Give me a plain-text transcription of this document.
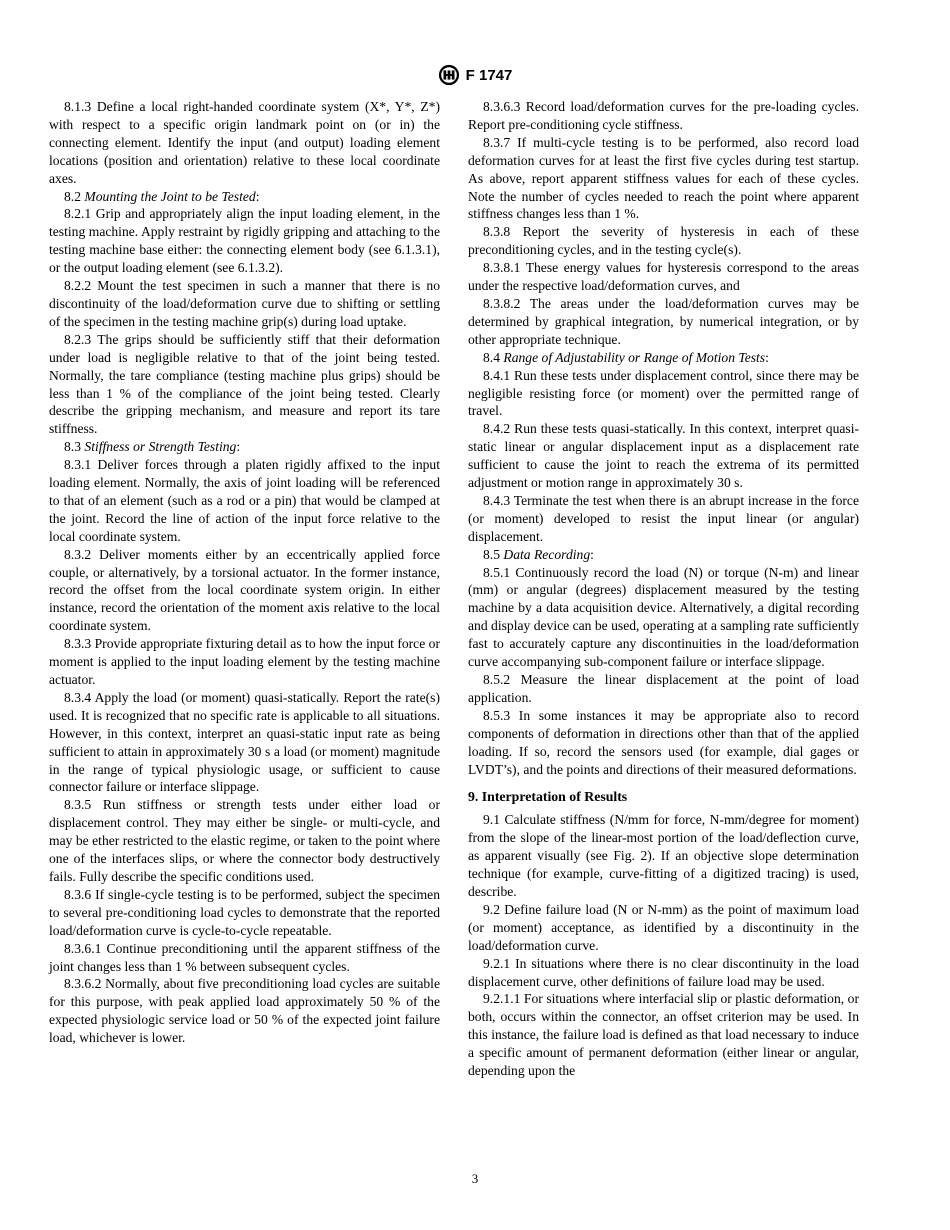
F 1747

8.1.3 Define a local right-handed coordinate system (X*, Y*, Z*) with respect to a specific origin landmark point on (or in) the connecting element. Identify the input (and output) loading element locations (position and orientation) relative to these local coordinate axes.

8.2 Mounting the Joint to be Tested:

8.2.1 Grip and appropriately align the input loading element, in the testing machine. Apply restraint by rigidly gripping and attaching to the testing machine base either: the connecting element body (see 6.1.3.1), or the output loading element (see 6.1.3.2).

8.2.2 Mount the test specimen in such a manner that there is no discontinuity of the load/deformation curve due to shifting or settling of the specimen in the testing machine grip(s) during load uptake.

8.2.3 The grips should be sufficiently stiff that their deformation under load is negligible relative to that of the joint being tested. Normally, the tare compliance (testing machine plus grips) should be less than 1 % of the compliance of the joint being tested. Clearly describe the gripping mechanism, and measure and report its tare stiffness.

8.3 Stiffness or Strength Testing:

8.3.1 Deliver forces through a platen rigidly affixed to the input loading element. Normally, the axis of joint loading will be referenced to that of an element (such as a rod or a pin) that would be clamped at the joint. Record the line of action of the input force relative to the local coordinate system.

8.3.2 Deliver moments either by an eccentrically applied force couple, or alternatively, by a torsional actuator. In the former instance, record the offset from the local coordinate system origin. In either instance, record the orientation of the moment axis relative to the local coordinate system.

8.3.3 Provide appropriate fixturing detail as to how the input force or moment is applied to the input loading element by the testing machine actuator.

8.3.4 Apply the load (or moment) quasi-statically. Report the rate(s) used. It is recognized that no specific rate is applicable to all situations. However, in this context, interpret an quasi-static input rate as being sufficient to attain in approximately 30 s a load (or moment) magnitude in the range of typical physiologic usage, or sufficient to cause connector failure or interface slippage.

8.3.5 Run stiffness or strength tests under either load or displacement control. They may either be single- or multi-cycle, and may be ether restricted to the elastic regime, or taken to the point where one of the interfaces slips, or where the connector body destructively fails. Fully describe the specific conditions used.

8.3.6 If single-cycle testing is to be performed, subject the specimen to several pre-conditioning load cycles to demonstrate that the reported load/deformation curve is cycle-to-cycle repeatable.

8.3.6.1 Continue preconditioning until the apparent stiffness of the joint changes less than 1 % between subsequent cycles.

8.3.6.2 Normally, about five preconditioning load cycles are suitable for this purpose, with peak applied load approximately 50 % of the expected physiologic service load or 50 % of the expected joint failure load, whichever is lower.

8.3.6.3 Record load/deformation curves for the pre-loading cycles. Report pre-conditioning cycle stiffness.

8.3.7 If multi-cycle testing is to be performed, also record load deformation curves for at least the first five cycles during test startup. As above, report apparent stiffness values for each of these cycles. Note the number of cycles needed to reach the point where apparent stiffness changes less than 1 %.

8.3.8 Report the severity of hysteresis in each of these preconditioning cycles, and in the testing cycle(s).

8.3.8.1 These energy values for hysteresis correspond to the areas under the respective load/deformation curves, and

8.3.8.2 The areas under the load/deformation curves may be determined by graphical integration, by numerical integration, or by other appropriate technique.

8.4 Range of Adjustability or Range of Motion Tests:

8.4.1 Run these tests under displacement control, since there may be negligible resisting force (or moment) over the permitted range of travel.

8.4.2 Run these tests quasi-statically. In this context, interpret quasi-static linear or angular displacement input as a displacement rate sufficient to cause the joint to reach the extrema of its permitted adjustment or motion range in approximately 30 s.

8.4.3 Terminate the test when there is an abrupt increase in the force (or moment) developed to resist the input linear (or angular) displacement.

8.5 Data Recording:

8.5.1 Continuously record the load (N) or torque (N-m) and linear (mm) or angular (degrees) displacement measured by the testing machine by a data acquisition device. Alternatively, a digital recording and display device can be used, operating at a sampling rate sufficiently fast to accurately capture any discontinuities in the load/deformation curve accompanying sub-component failure or interface slippage.

8.5.2 Measure the linear displacement at the point of load application.

8.5.3 In some instances it may be appropriate also to record components of deformation in directions other than that of the applied loading. If so, record the sensors used (for example, dial gages or LVDT’s), and the points and directions of their measured deformations.

9. Interpretation of Results

9.1 Calculate stiffness (N/mm for force, N-mm/degree for moment) from the slope of the linear-most portion of the load/deflection curve, as apparent visually (see Fig. 2). If an objective slope determination technique (for example, curve-fitting of a digitized tracing) is used, describe.

9.2 Define failure load (N or N-mm) as the point of maximum load (or moment) acceptance, as identified by a discontinuity in the load/deformation curve.

9.2.1 In situations where there is no clear discontinuity in the load displacement curve, other definitions of failure load may be used.

9.2.1.1 For situations where interfacial slip or plastic deformation, or both, occurs within the connector, an offset criterion may be used. In this instance, the failure load is defined as that load necessary to induce a specific amount of permanent deformation (either linear or angular, depending upon the

3
